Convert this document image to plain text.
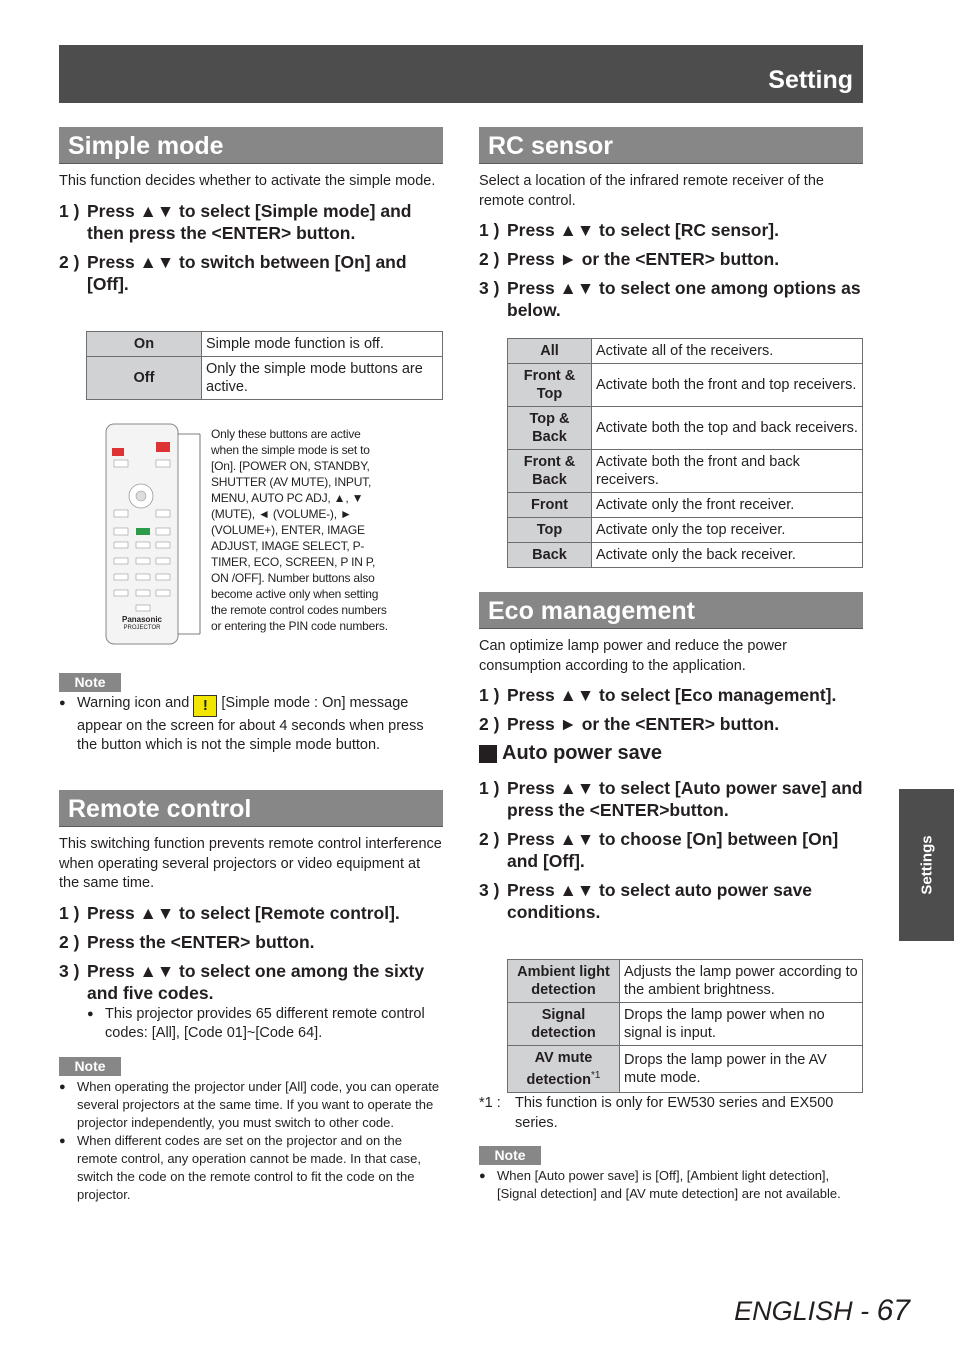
Setting
Simple mode

This function decides whether to activate the simple mode.

1 ) Press ▲▼ to select [Simple mode] and then press the <ENTER> button.
2 ) Press ▲▼ to switch between [On] and [Off].
On	Simple mode function is off.
Off	Only the simple mode buttons are active.
Panasonic
PROJECTOR
Only these buttons are active when the simple mode is set to [On]. [POWER ON, STANDBY, SHUTTER (AV MUTE), INPUT, MENU, AUTO PC ADJ, ▲, ▼ (MUTE), ◄ (VOLUME-), ► (VOLUME+), ENTER, IMAGE ADJUST, IMAGE SELECT, P-TIMER, ECO, SCREEN, P IN P, ON /OFF]. Number buttons also become active only when setting the remote control codes numbers or entering the PIN code numbers.
Note
● Warning icon and ! [Simple mode : On] message appear on the screen for about 4 seconds when press the button which is not the simple mode button.
Remote control

This switching function prevents remote control interference when operating several projectors or video equipment at the same time.

1 ) Press ▲▼ to select [Remote control].
2 ) Press the <ENTER> button.
3 ) Press ▲▼ to select one among the sixty and five codes.
● This projector provides 65 different remote control codes: [All], [Code 01]~[Code 64].
Note
● When operating the projector under [All] code, you can operate several projectors at the same time. If you want to operate the projector independently, you must switch to other code.
● When different codes are set on the projector and on the remote control, any operation cannot be made. In that case, switch the code on the remote control to fit the code on the projector.
RC sensor

Select a location of the infrared remote receiver of the remote control.

1 ) Press ▲▼ to select [RC sensor].
2 ) Press ► or the <ENTER> button.
3 ) Press ▲▼ to select one among options as below.
All	Activate all of the receivers.
Front & Top	Activate both the front and top receivers.
Top & Back	Activate both the top and back receivers.
Front & Back	Activate both the front and back receivers.
Front	Activate only the front receiver.
Top	Activate only the top receiver.
Back	Activate only the back receiver.
Eco management

Can optimize lamp power and reduce the power consumption according to the application.

1 ) Press ▲▼ to select [Eco management].
2 ) Press ► or the <ENTER> button.
Auto power save
1 ) Press ▲▼ to select [Auto power save] and press the <ENTER>button.
2 ) Press ▲▼ to choose [On] between [On] and [Off].
3 ) Press ▲▼ to select auto power save conditions.
Ambient light detection	Adjusts the lamp power according to the ambient brightness.
Signal detection	Drops the lamp power when no signal is input.
AV mute detection$^{*1}$	Drops the lamp power in the AV mute mode.
*1 : This function is only for EW530 series and EX500 series.
Note
● When [Auto power save] is [Off], [Ambient light detection], [Signal detection] and [AV mute detection] are not available.
Settings
ENGLISH - 67
